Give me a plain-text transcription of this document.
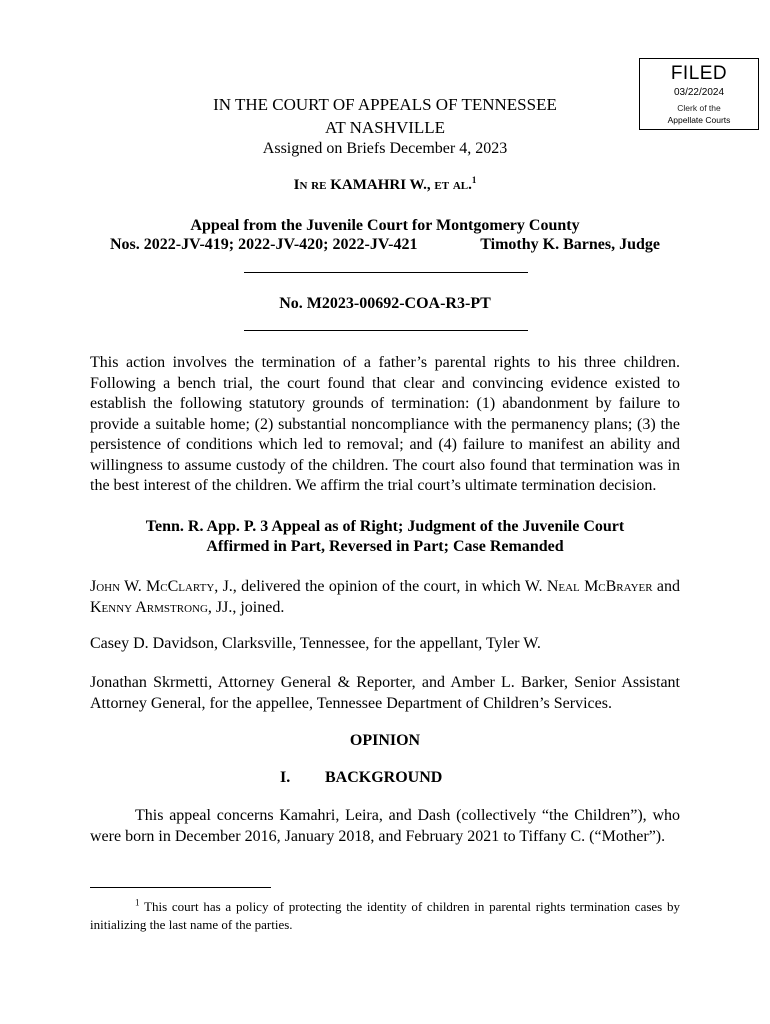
FILED
03/22/2024
Clerk of the
Appellate Courts
IN THE COURT OF APPEALS OF TENNESSEE
AT NASHVILLE
Assigned on Briefs December 4, 2023
In re KAMAHRI W., et al.$^1$
Appeal from the Juvenile Court for Montgomery County
Nos. 2022-JV-419; 2022-JV-420; 2022-JV-421	Timothy K. Barnes, Judge
No. M2023-00692-COA-R3-PT
This action involves the termination of a father’s parental rights to his three children. Following a bench trial, the court found that clear and convincing evidence existed to establish the following statutory grounds of termination: (1) abandonment by failure to provide a suitable home; (2) substantial noncompliance with the permanency plans; (3) the persistence of conditions which led to removal; and (4) failure to manifest an ability and willingness to assume custody of the children. The court also found that termination was in the best interest of the children. We affirm the trial court’s ultimate termination decision.
Tenn. R. App. P. 3 Appeal as of Right; Judgment of the Juvenile Court
Affirmed in Part, Reversed in Part; Case Remanded
John W. McClarty, J., delivered the opinion of the court, in which W. Neal McBrayer and Kenny Armstrong, JJ., joined.
Casey D. Davidson, Clarksville, Tennessee, for the appellant, Tyler W.
Jonathan Skrmetti, Attorney General & Reporter, and Amber L. Barker, Senior Assistant Attorney General, for the appellee, Tennessee Department of Children’s Services.
OPINION
I. BACKGROUND
This appeal concerns Kamahri, Leira, and Dash (collectively “the Children”), who were born in December 2016, January 2018, and February 2021 to Tiffany C. (“Mother”).
$^1$ This court has a policy of protecting the identity of children in parental rights termination cases by initializing the last name of the parties.
